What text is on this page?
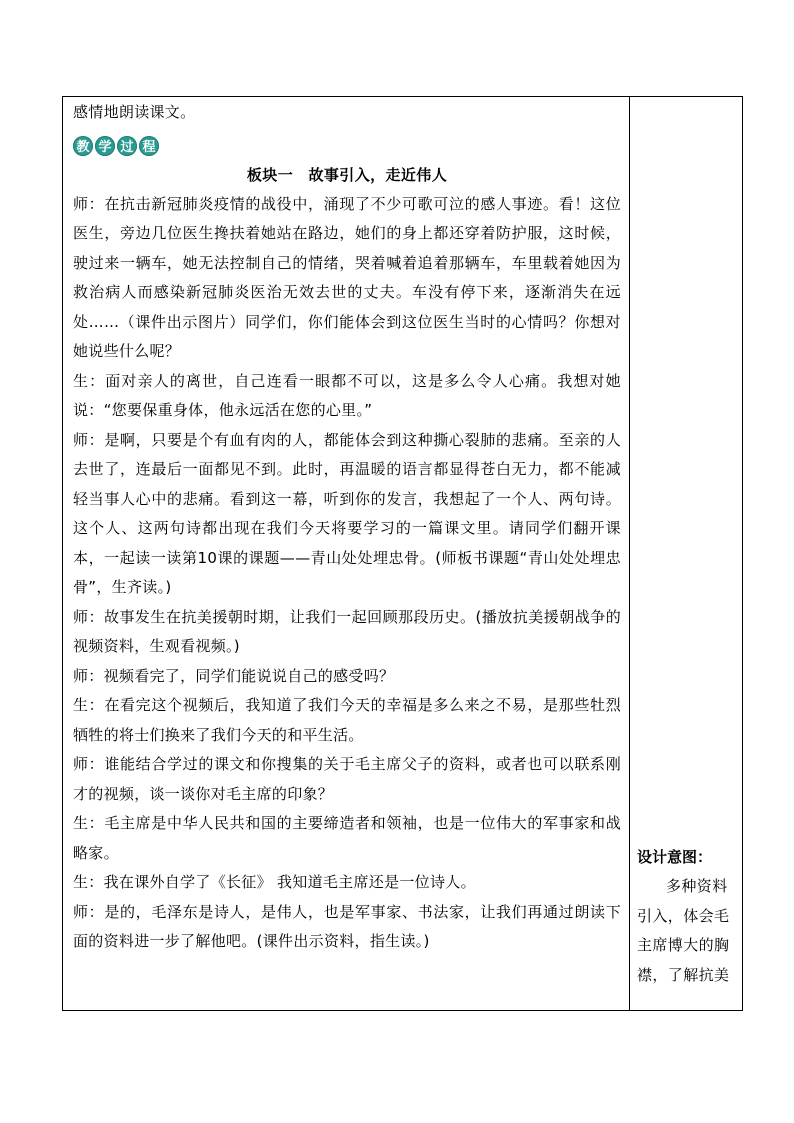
感情地朗读课文。

教 学 过 程

板块一　故事引入，走近伟人

师：在抗击新冠肺炎疫情的战役中，涌现了不少可歌可泣的感人事迹。看！这位医生，旁边几位医生搀扶着她站在路边，她们的身上都还穿着防护服，这时候，驶过来一辆车，她无法控制自己的情绪，哭着喊着追着那辆车，车里载着她因为救治病人而感染新冠肺炎医治无效去世的丈夫。车没有停下来，逐渐消失在远处……（课件出示图片）同学们，你们能体会到这位医生当时的心情吗？你想对她说些什么呢？

生：面对亲人的离世，自己连看一眼都不可以，这是多么令人心痛。我想对她说：“您要保重身体，他永远活在您的心里。”

师：是啊，只要是个有血有肉的人，都能体会到这种撕心裂肺的悲痛。至亲的人去世了，连最后一面都见不到。此时，再温暖的语言都显得苍白无力，都不能减轻当事人心中的悲痛。看到这一幕，听到你的发言，我想起了一个人、两句诗。这个人、这两句诗都出现在我们今天将要学习的一篇课文里。请同学们翻开课本，一起读一读第10课的课题——青山处处埋忠骨。(师板书课题“青山处处埋忠骨”，生齐读。)

师：故事发生在抗美援朝时期，让我们一起回顾那段历史。(播放抗美援朝战争的视频资料，生观看视频。)

师：视频看完了，同学们能说说自己的感受吗？

生：在看完这个视频后，我知道了我们今天的幸福是多么来之不易，是那些牡烈牺牲的将士们换来了我们今天的和平生活。

师：谁能结合学过的课文和你搜集的关于毛主席父子的资料，或者也可以联系刚才的视频，谈一谈你对毛主席的印象？

生：毛主席是中华人民共和国的主要缔造者和领袖，也是一位伟大的军事家和战略家。

生：我在课外自学了《长征》 我知道毛主席还是一位诗人。

师：是的，毛泽东是诗人，是伟人，也是军事家、书法家，让我们再通过朗读下面的资料进一步了解他吧。(课件出示资料，指生读。)

设计意图：

多种资料引入，体会毛主席博大的胸襟，了解抗美
